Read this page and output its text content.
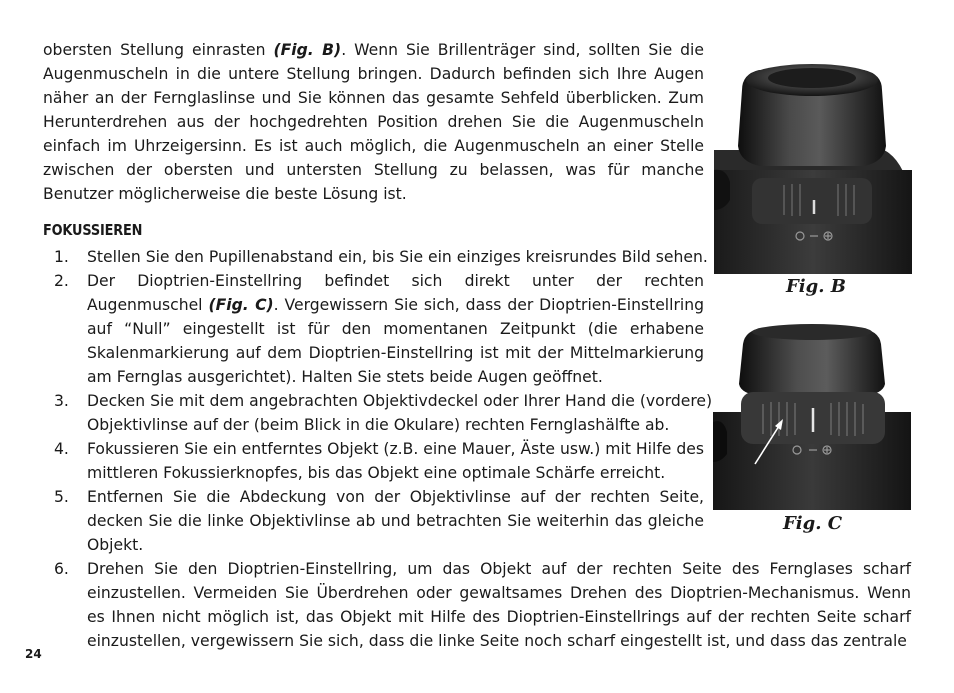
obersten Stellung einrasten (Fig. B). Wenn Sie Brillenträger sind, sollten Sie die
Augenmuscheln in die untere Stellung bringen. Dadurch befinden sich Ihre Augen
näher an der Fernglaslinse und Sie können das gesamte Sehfeld überblicken. Zum
Herunterdrehen aus der hochgedrehten Position drehen Sie die Augenmuscheln
einfach im Uhrzeigersinn. Es ist auch möglich, die Augenmuscheln an einer Stelle
zwischen der obersten und untersten Stellung zu belassen, was für manche
Benutzer möglicherweise die beste Lösung ist.
FOKUSSIEREN
1. Stellen Sie den Pupillenabstand ein, bis Sie ein einziges kreisrundes Bild sehen.
2. Der Dioptrien-Einstellring befindet sich direkt unter der rechten
Augenmuschel (Fig. C). Vergewissern Sie sich, dass der Dioptrien-Einstellring
auf “Null” eingestellt ist für den momentanen Zeitpunkt (die erhabene
Skalenmarkierung auf dem Dioptrien-Einstellring ist mit der Mittelmarkierung
am Fernglas ausgerichtet). Halten Sie stets beide Augen geöffnet.
3. Decken Sie mit dem angebrachten Objektivdeckel oder Ihrer Hand die (vordere)
Objektivlinse auf der (beim Blick in die Okulare) rechten Fernglashälfte ab.
4. Fokussieren Sie ein entferntes Objekt (z.B. eine Mauer, Äste usw.) mit Hilfe des
mittleren Fokussierknopfes, bis das Objekt eine optimale Schärfe erreicht.
5. Entfernen Sie die Abdeckung von der Objektivlinse auf der rechten Seite,
decken Sie die linke Objektivlinse ab und betrachten Sie weiterhin das gleiche
Objekt.
6. Drehen Sie den Dioptrien-Einstellring, um das Objekt auf der rechten Seite des Fernglases scharf
einzustellen. Vermeiden Sie Überdrehen oder gewaltsames Drehen des Dioptrien-Mechanismus. Wenn
es Ihnen nicht möglich ist, das Objekt mit Hilfe des Dioptrien-Einstellrings auf der rechten Seite scharf
einzustellen, vergewissern Sie sich, dass die linke Seite noch scharf eingestellt ist, und dass das zentrale
Fig. B
Fig. C
24
